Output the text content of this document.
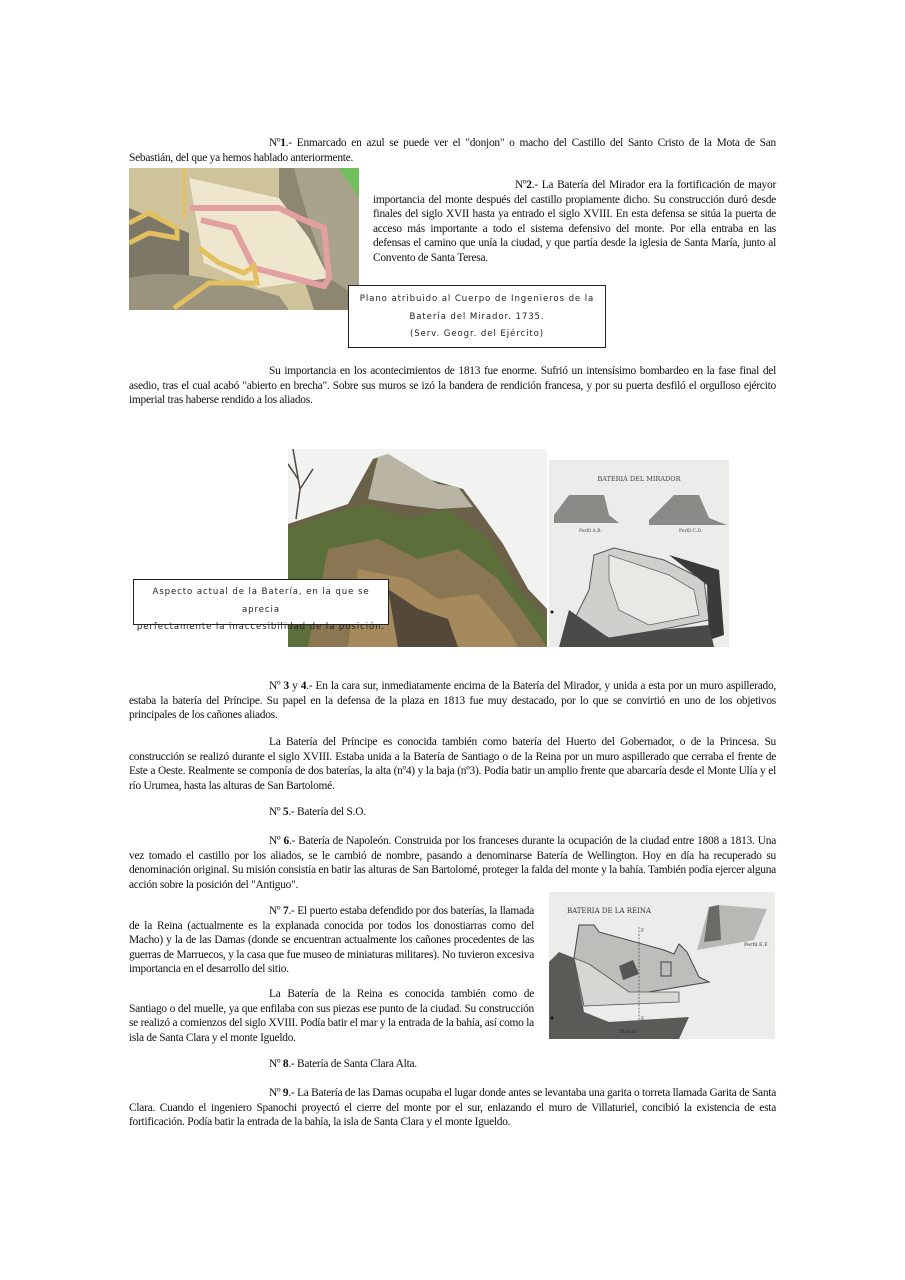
Nº1.- Enmarcado en azul se puede ver el "donjon" o macho del Castillo del Santo Cristo de la Mota de San Sebastián, del que ya hemos hablado anteriormente.
Nº2.- La Batería del Mirador era la fortificación de mayor importancia del monte después del castillo propiamente dicho. Su construcción duró desde finales del siglo XVII hasta ya entrado el siglo XVIII. En esta defensa se sitúa la puerta de acceso más importante a todo el sistema defensivo del monte. Por ella entraba en las defensas el camino que unía la ciudad, y que partía desde la iglesia de Santa María, junto al Convento de Santa Teresa.
Plano atribuido al Cuerpo de Ingenieros de la
Batería del Mirador. 1735.
(Serv. Geogr. del Ejército)
Su importancia en los acontecimientos de 1813 fue enorme. Sufrió un intensísimo bombardeo en la fase final del asedio, tras el cual acabó "abierto en brecha". Sobre sus muros se izó la bandera de rendición francesa, y por su puerta desfiló el orgulloso ejército imperial tras haberse rendido a los aliados.
BATERIA DEL MIRADOR
Perfil A.B.	Perfil C.D.
Aspecto actual de la Batería, en la que se aprecia
perfectamente la inaccesibilidad de la posición.
Nº 3 y 4.- En la cara sur, inmediatamente encima de la Batería del Mirador, y unida a esta por un muro aspillerado, estaba la batería del Príncipe. Su papel en la defensa de la plaza en 1813 fue muy destacado, por lo que se convirtió en uno de los objetivos principales de los cañones aliados.
La Batería del Príncipe es conocida también como batería del Huerto del Gobernador, o de la Princesa. Su construcción se realizó durante el siglo XVIII. Estaba unida a la Batería de Santiago o de la Reina por un muro aspillerado que cerraba el frente de Este a Oeste. Realmente se componía de dos baterías, la alta (nº4) y la baja (nº3). Podía batir un amplio frente que abarcaría desde el Monte Ulía y el río Urumea, hasta las alturas de San Bartolomé.
Nº 5.- Batería del S.O.
Nº 6.- Batería de Napoleón. Construida por los franceses durante la ocupación de la ciudad entre 1808 a 1813. Una vez tomado el castillo por los aliados, se le cambió de nombre, pasando a denominarse Batería de Wellington. Hoy en día ha recuperado su denominación original. Su misión consistía en batir las alturas de San Bartolomé, proteger la falda del monte y la bahía. También podía ejercer alguna acción sobre la posición del "Antiguo".
Nº 7.- El puerto estaba defendido por dos baterías, la llamada de la Reina (actualmente es la explanada conocida por todos los donostiarras como del Macho) y la de las Damas (donde se encuentran actualmente los cañones procedentes de las guerras de Marruecos, y la casa que fue museo de miniaturas militares). No tuvieron excesiva importancia en el desarrollo del sitio.
BATERIA DE LA REINA
Perfil E.F.
F
E
Planta
La Batería de la Reina es conocida también como de Santiago o del muelle, ya que enfilaba con sus piezas ese punto de la ciudad. Su construcción se realizó a comienzos del siglo XVIII. Podía batir el mar y la entrada de la bahía, así como la isla de Santa Clara y el monte Igueldo.
Nº 8.- Batería de Santa Clara Alta.
Nº 9.- La Batería de las Damas ocupaba el lugar donde antes se levantaba una garita o torreta llamada Garita de Santa Clara. Cuando el ingeniero Spanochi proyectó el cierre del monte por el sur, enlazando el muro de Villaturiel, concibió la existencia de esta fortificación. Podía batir la entrada de la bahía, la isla de Santa Clara y el monte Igueldo.
